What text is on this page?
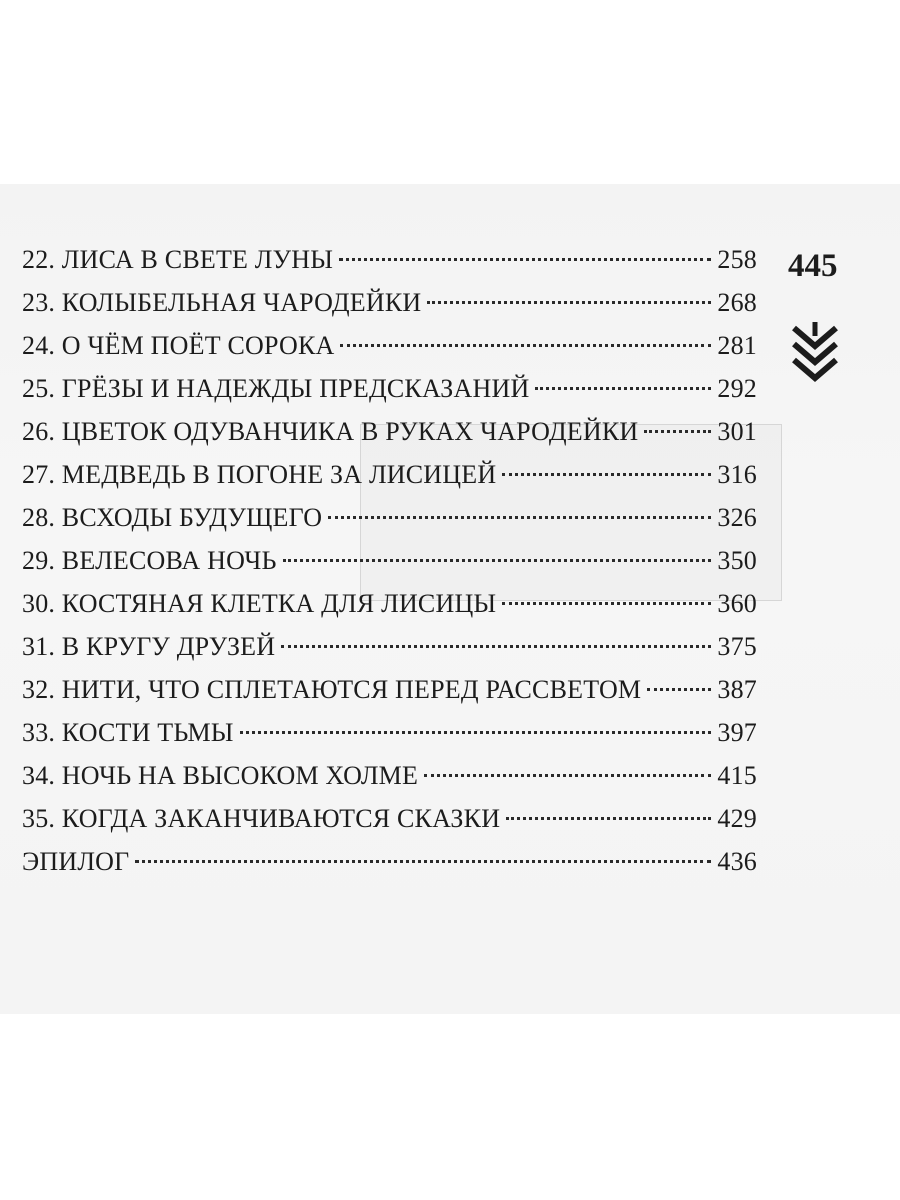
22. ЛИСА В СВЕТЕ ЛУНЫ	258
23. КОЛЫБЕЛЬНАЯ ЧАРОДЕЙКИ	268
24. О ЧЁМ ПОЁТ СОРОКА	281
25. ГРЁЗЫ И НАДЕЖДЫ ПРЕДСКАЗАНИЙ	292
26. ЦВЕТОК ОДУВАНЧИКА В РУКАХ ЧАРОДЕЙКИ	301
27. МЕДВЕДЬ В ПОГОНЕ ЗА ЛИСИЦЕЙ	316
28. ВСХОДЫ БУДУЩЕГО	326
29. ВЕЛЕСОВА НОЧЬ	350
30. КОСТЯНАЯ КЛЕТКА ДЛЯ ЛИСИЦЫ	360
31. В КРУГУ ДРУЗЕЙ	375
32. НИТИ, ЧТО СПЛЕТАЮТСЯ ПЕРЕД РАССВЕТОМ	387
33. КОСТИ ТЬМЫ	397
34. НОЧЬ НА ВЫСОКОМ ХОЛМЕ	415
35. КОГДА ЗАКАНЧИВАЮТСЯ СКАЗКИ	429
ЭПИЛОГ	436
445
